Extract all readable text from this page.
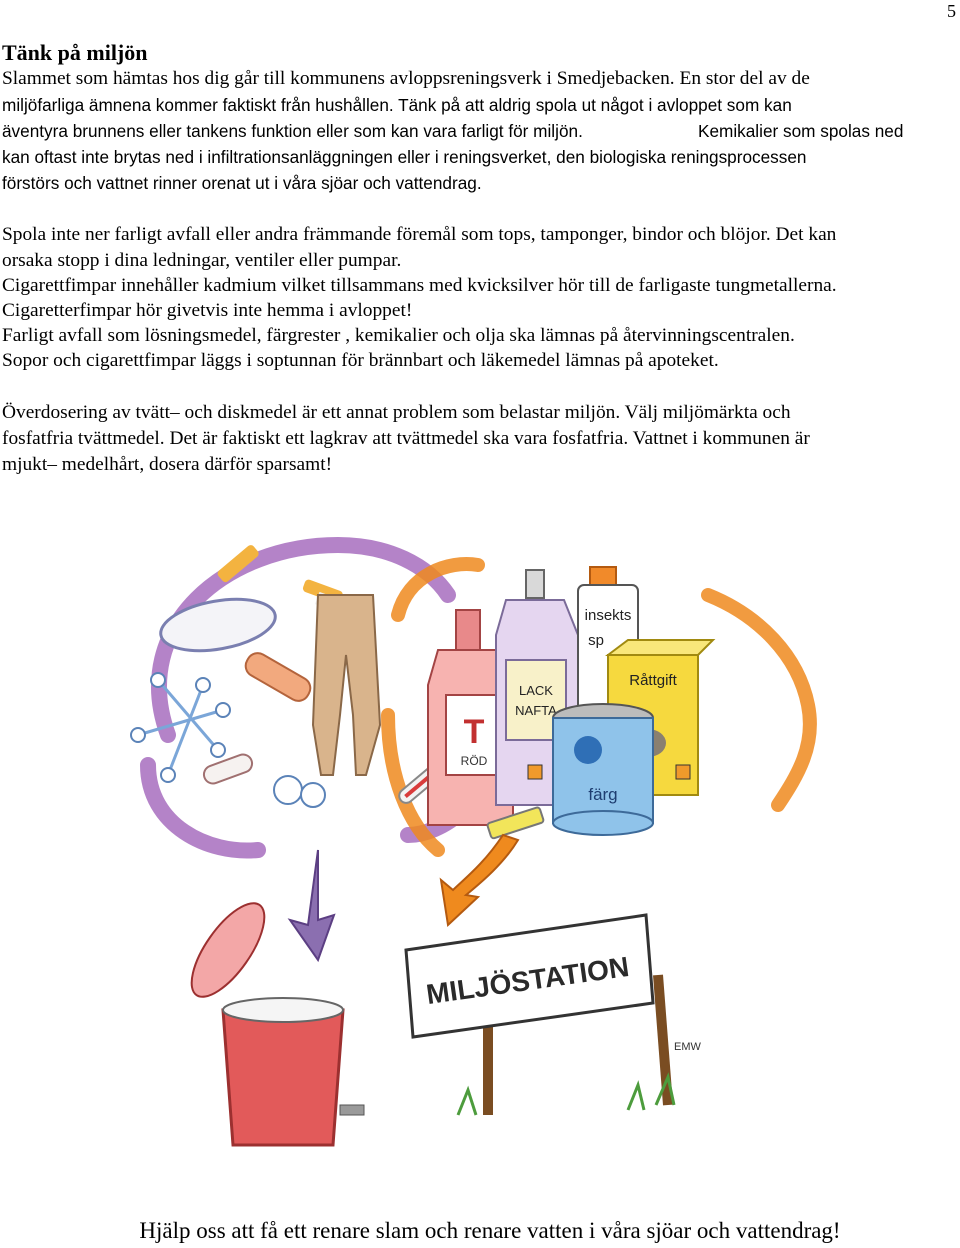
5
Tänk på miljön
Slammet som hämtas hos dig går till kommunens avloppsreningsverk i Smedjebacken. En stor del av de
miljöfarliga ämnena kommer faktiskt från hushållen. Tänk på att aldrig spola ut något i avloppet som kan
äventyra brunnens eller tankens funktion eller som kan vara farligt för miljön.	Kemikalier som spolas ned
kan oftast inte brytas ned i infiltrationsanläggningen eller i reningsverket, den biologiska reningsprocessen
förstörs och vattnet rinner orenat ut i våra sjöar och vattendrag.
Spola inte ner farligt avfall eller andra främmande föremål som tops, tamponger, bindor och blöjor. Det kan
orsaka stopp i dina ledningar, ventiler eller pumpar.
Cigarettfimpar innehåller kadmium vilket tillsammans med kvicksilver hör till de farligaste tungmetallerna.
Cigaretterfimpar hör givetvis inte hemma i avloppet!
Farligt avfall som lösningsmedel, färgrester , kemikalier och olja ska lämnas på återvinningscentralen.
Sopor och cigarettfimpar läggs i soptunnan för brännbart och läkemedel lämnas på apoteket.
Överdosering av tvätt– och diskmedel är ett annat problem som belastar miljön. Välj miljömärkta och
fosfatfria tvättmedel. Det är faktiskt ett lagkrav att tvättmedel ska vara fosfatfria. Vattnet i kommunen är
mjukt– medelhårt, dosera därför sparsamt!
T
RÖD
LACK
NAFTA
insekts
sp
Råttgift
färg
MILJÖSTATION
EMW
Hjälp oss att få ett renare slam och renare vatten i våra sjöar och vattendrag!
